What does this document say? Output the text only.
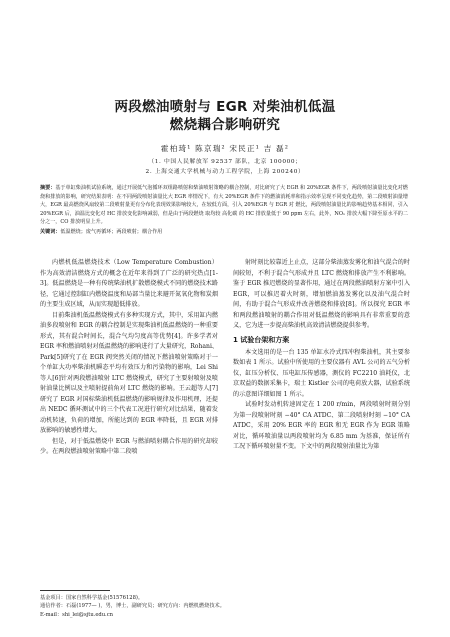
两段燃油喷射与 EGR 对柴油机低温
燃烧耦合影响研究
霍柏琦¹ 陈京瑞² 宋民正¹ 吉 磊²
（1. 中国人民解放军 92537 部队，北京 100000；
2. 上海交通大学机械与动力工程学院，上海 200240）
摘要：基于单缸柴油机试验系统，通过开展低气泡循环双组路喷射和柴油喷射策略的耦合控制，对比研究了大 EGR 和 20%EGR 条件下，两段喷射油量比变化对燃烧和排放的影响，研究结果表明：在不同两段喷射油量比大 EGR 率情况下，有大 20%EGR 条件下的燃油消耗率和指示效率呈现不同变化趋势，第二段喷射油量增大，EGR 最高燃烧风扇较第二段喷射量更有分布化表现效果影响较大，在较低方面，引入 20%EGR 与 EGR 对 燃比，两段喷射油量比的影响趋势基本相同，引入 20%EGR 后，油温比变化对 HC 排放变化影响减弱，但是由于两段燃烧 取均较 高化碳 的 HC 排放量低于 90 ppm 左右，此外，NOₓ 排放大幅下降至原水平的二分之一，CO 排放明显上升。
关键词：低温燃烧；废气再循环；两段喷射；耦合作用

内燃机低温燃烧技术（Low Temperature Combustion）作为高效清洁燃烧方式的概念在近年来得到了广泛的研究热点[1-3]。低温燃烧是一种有传统柴油机扩散燃烧模式不同的燃烧技术路径，它通过控制缸内燃烧温度和局部当量比来避开氮氧化物和炭烟的主要生成区域，从而实现超低排放。

目前柴油机低温燃烧模式有多种实现方式，其中，采用缸内燃油多段喷射和 EGR 的耦合控制是实现柴油机低温燃烧的一种重要形式，其有混合时间长，混合气均匀度高等优势[4]。许多学者对 EGR 率和燃油喷射对低温燃烧的影响进行了大量研究，Rohani、Park[5]研究了在 EGR 阀突然关闭的情况下燃油喷射策略对于一个单缸大功率柴油机瞬态平均有效压力和污染物的影响，Lei Shi 等人[6]针对两段燃油喷射 LTC 燃烧模式，研究了主要射喷射及喷射油量比例以及主喷射提前角对 LTC 燃烧的影响。王云超等人[7]研究了 EGR 对国标柴油机低温燃烧的影响规律及作用机理，还提出 NEDC 循环测试中的三个代表工况进行研究对比结果，随着发动机转速，负荷的增加，所能达到的 EGR 率降低，且 EGR 对排放影响的敏感性增大。

但是，对于低温燃烧中 EGR 与燃油喷射耦合作用的研究却较少。在两段燃油喷射策略中第二段喷

射时刻比较靠近上止点，这部分柴油蒸发雾化和油气混合的时间较短，不利于混合气形成并且 LTC 燃烧和排放产生不利影响。鉴于 EGR 推迟燃烧的显著作用，通过在两段燃油喷射方案中引入 EGR，可以推迟着火时刻，增加燃油蒸发雾化以及油气混合时间，有助于混合气形成并改善燃烧和排放[8]。所以探究 EGR 率和两段燃油喷射的耦合作用对低温燃烧的影响具有非常重要的意义，它为进一步提高柴油机高效清洁燃烧提供参考。

1 试验台架和方案

本文选用的是一台 135 单缸水冷式四冲程柴油机，其主要参数如表 1 所示。试验中所使用的主要仪器有 AVL 公司的五气分析仪，缸压分析仪、压电缸压传感器，测仪的 FC2210 油耗仪，北京双益的数据采集卡，瑞士 Kistler 公司的电荷放大器，试验系统的示意图详细如图 1 所示。

试验时发动机转速固定在 1 200 r/min，两段喷射时刻分别为第一段喷射时刻 −40° CA ATDC、第二段喷射时刻 −10° CA ATDC，采用 20% EGR 率的 EGR 和无 EGR 作为 EGR 策略对比，循环喷油量以两段喷射均为 6.85 mm 为基准，保证所有工况下循环喷射量不变。下文中的两段喷射油量比为第

基金项目：国家自然科学基金(51576128)。
通信作者：石磊(1977— )，男，博士，副研究员；研究方向：内燃机燃烧技术。
E-mail：shi_lei@sjtu.edu.cn
